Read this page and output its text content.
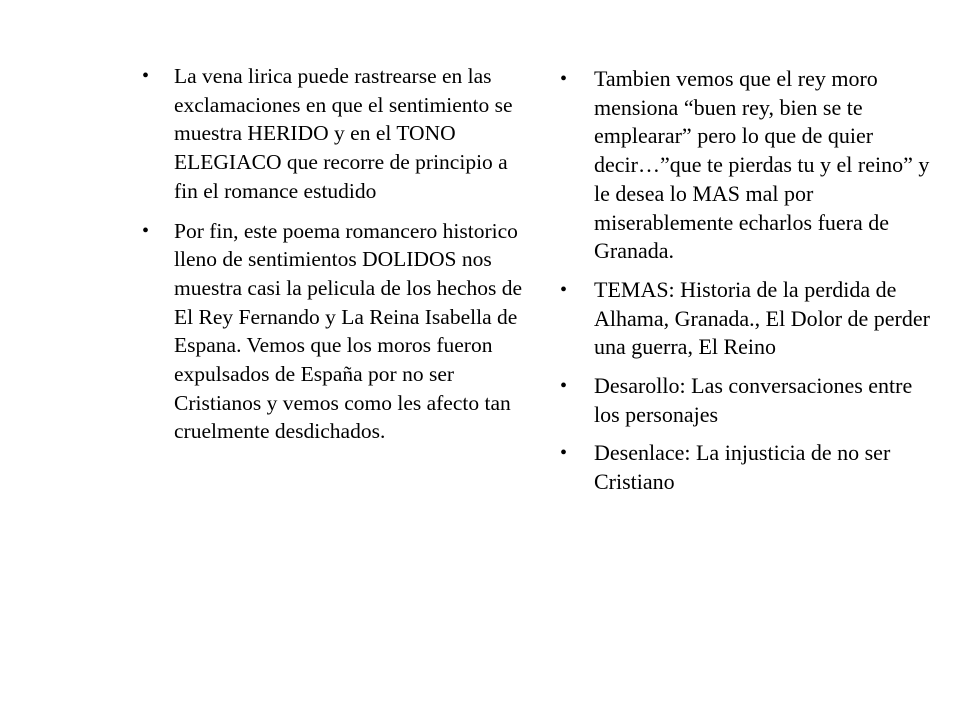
• La vena lirica puede rastrearse en las exclamaciones en que el sentimiento se muestra HERIDO y en el TONO ELEGIACO que recorre de principio a fin el romance estudido
• Por fin, este poema romancero historico lleno de sentimientos DOLIDOS nos muestra casi la pelicula de los hechos de El Rey Fernando y La Reina Isabella de Espana. Vemos que los moros fueron expulsados de España por no ser Cristianos y vemos como les afecto tan cruelmente desdichados.
• Tambien vemos que el rey moro mensiona “buen rey, bien se te emplearar” pero lo que de quier decir…”que te pierdas tu y el reino” y le desea lo MAS mal por miserablemente echarlos fuera de Granada.
• TEMAS: Historia de la perdida de Alhama, Granada., El Dolor de perder una guerra, El Reino
• Desarollo: Las conversaciones entre los personajes
• Desenlace: La injusticia de no ser Cristiano
